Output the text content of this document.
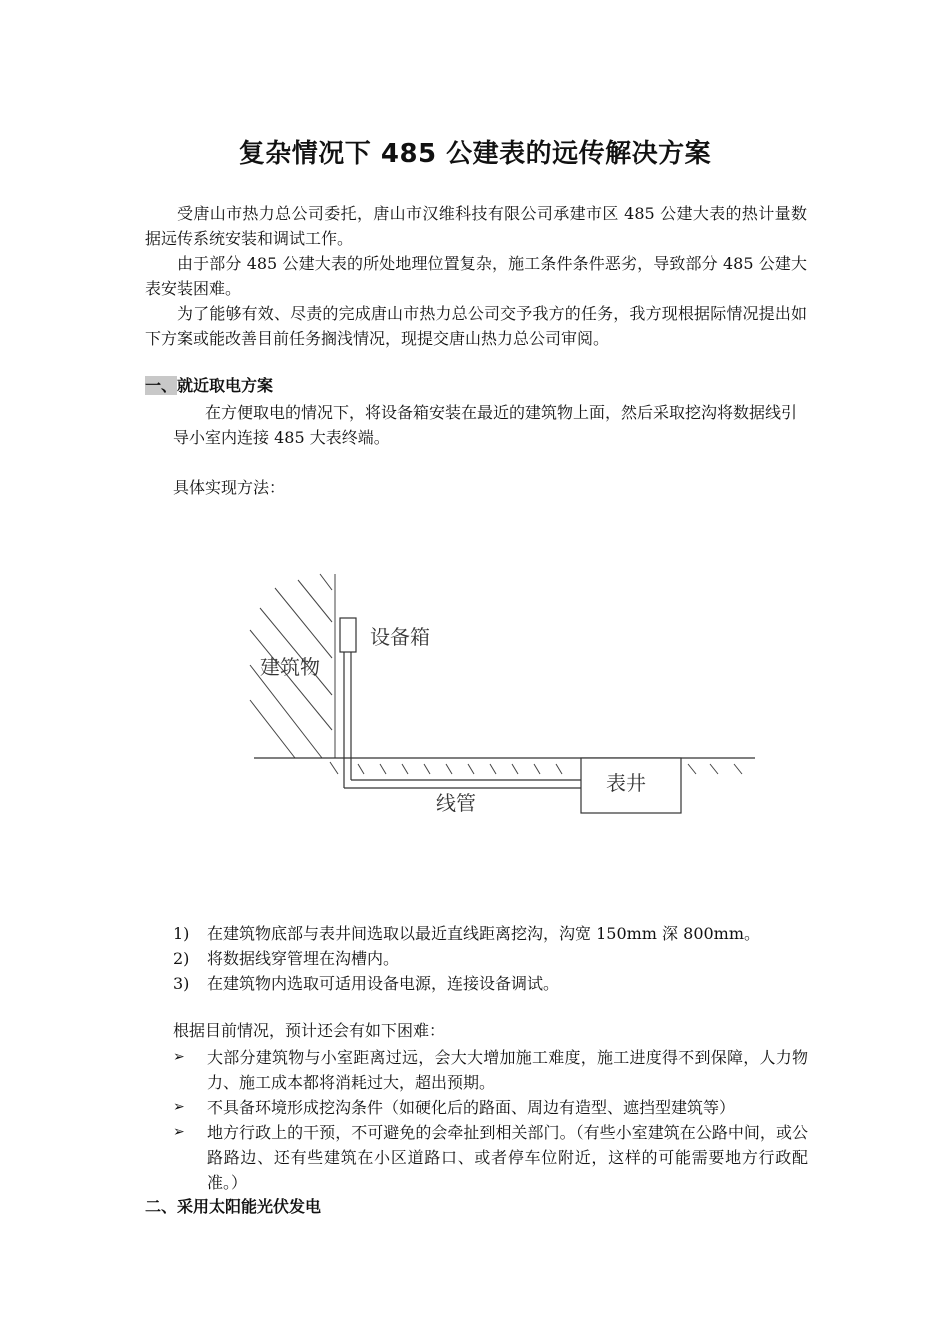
复杂情况下 485 公建表的远传解决方案

受唐山市热力总公司委托，唐山市汉维科技有限公司承建市区 485 公建大表的热计量数据远传系统安装和调试工作。

由于部分 485 公建大表的所处地理位置复杂，施工条件条件恶劣，导致部分 485 公建大表安装困难。

为了能够有效、尽责的完成唐山市热力总公司交予我方的任务，我方现根据际情况提出如下方案或能改善目前任务搁浅情况，现提交唐山热力总公司审阅。

一、就近取电方案
在方便取电的情况下，将设备箱安装在最近的建筑物上面，然后采取挖沟将数据线引导小室内连接 485 大表终端。
具体实现方法：
设备箱
建筑物
线管
表井
1)	在建筑物底部与表井间选取以最近直线距离挖沟，沟宽 150mm 深 800mm。
2)	将数据线穿管埋在沟槽内。
3)	在建筑物内选取可适用设备电源，连接设备调试。
根据目前情况，预计还会有如下困难：
➢	大部分建筑物与小室距离过远，会大大增加施工难度，施工进度得不到保障，人力物力、施工成本都将消耗过大，超出预期。
➢	不具备环境形成挖沟条件（如硬化后的路面、周边有造型、遮挡型建筑等）
➢	地方行政上的干预，不可避免的会牵扯到相关部门。（有些小室建筑在公路中间，或公路路边、还有些建筑在小区道路口、或者停车位附近，这样的可能需要地方行政配准。）
二、采用太阳能光伏发电
